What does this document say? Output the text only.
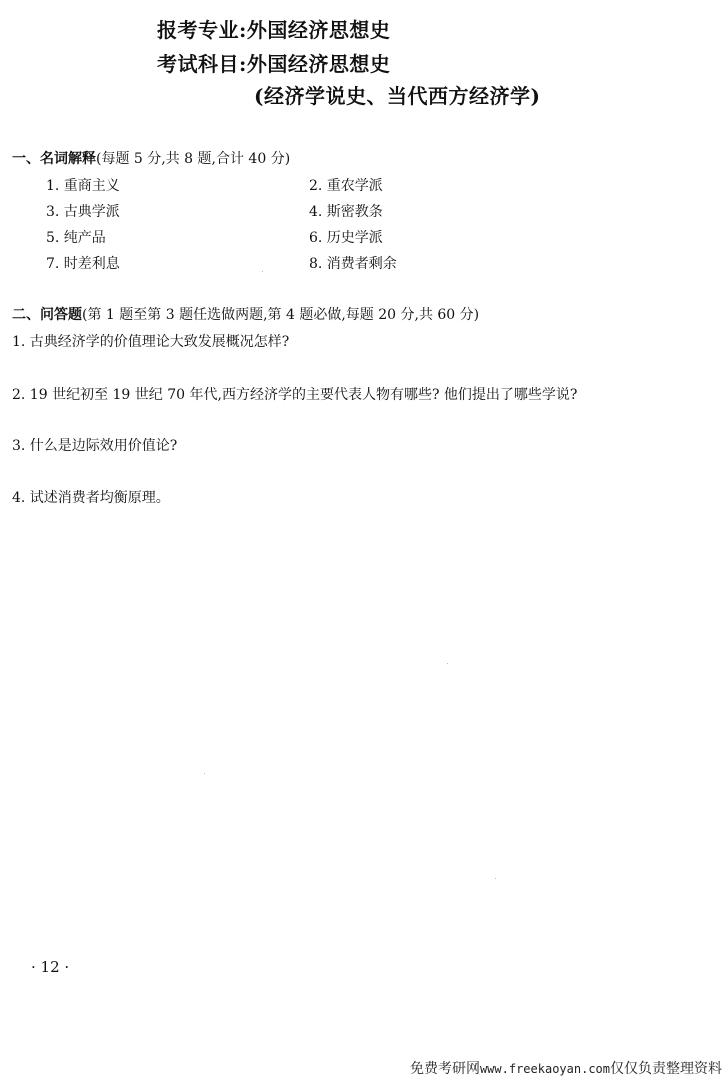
报考专业:外国经济思想史
考试科目:外国经济思想史
(经济学说史、当代西方经济学)
一、名词解释(每题 5 分,共 8 题,合计 40 分)
1. 重商主义	2. 重农学派
3. 古典学派	4. 斯密教条
5. 纯产品	6. 历史学派
7. 时差利息	8. 消费者剩余
二、问答题(第 1 题至第 3 题任选做两题,第 4 题必做,每题 20 分,共 60 分)
1. 古典经济学的价值理论大致发展概况怎样?
2. 19 世纪初至 19 世纪 70 年代,西方经济学的主要代表人物有哪些? 他们提出了哪些学说?
3. 什么是边际效用价值论?
4. 试述消费者均衡原理。
· 12 ·
免费考研网www.freekaoyan.com仅仅负责整理资料
